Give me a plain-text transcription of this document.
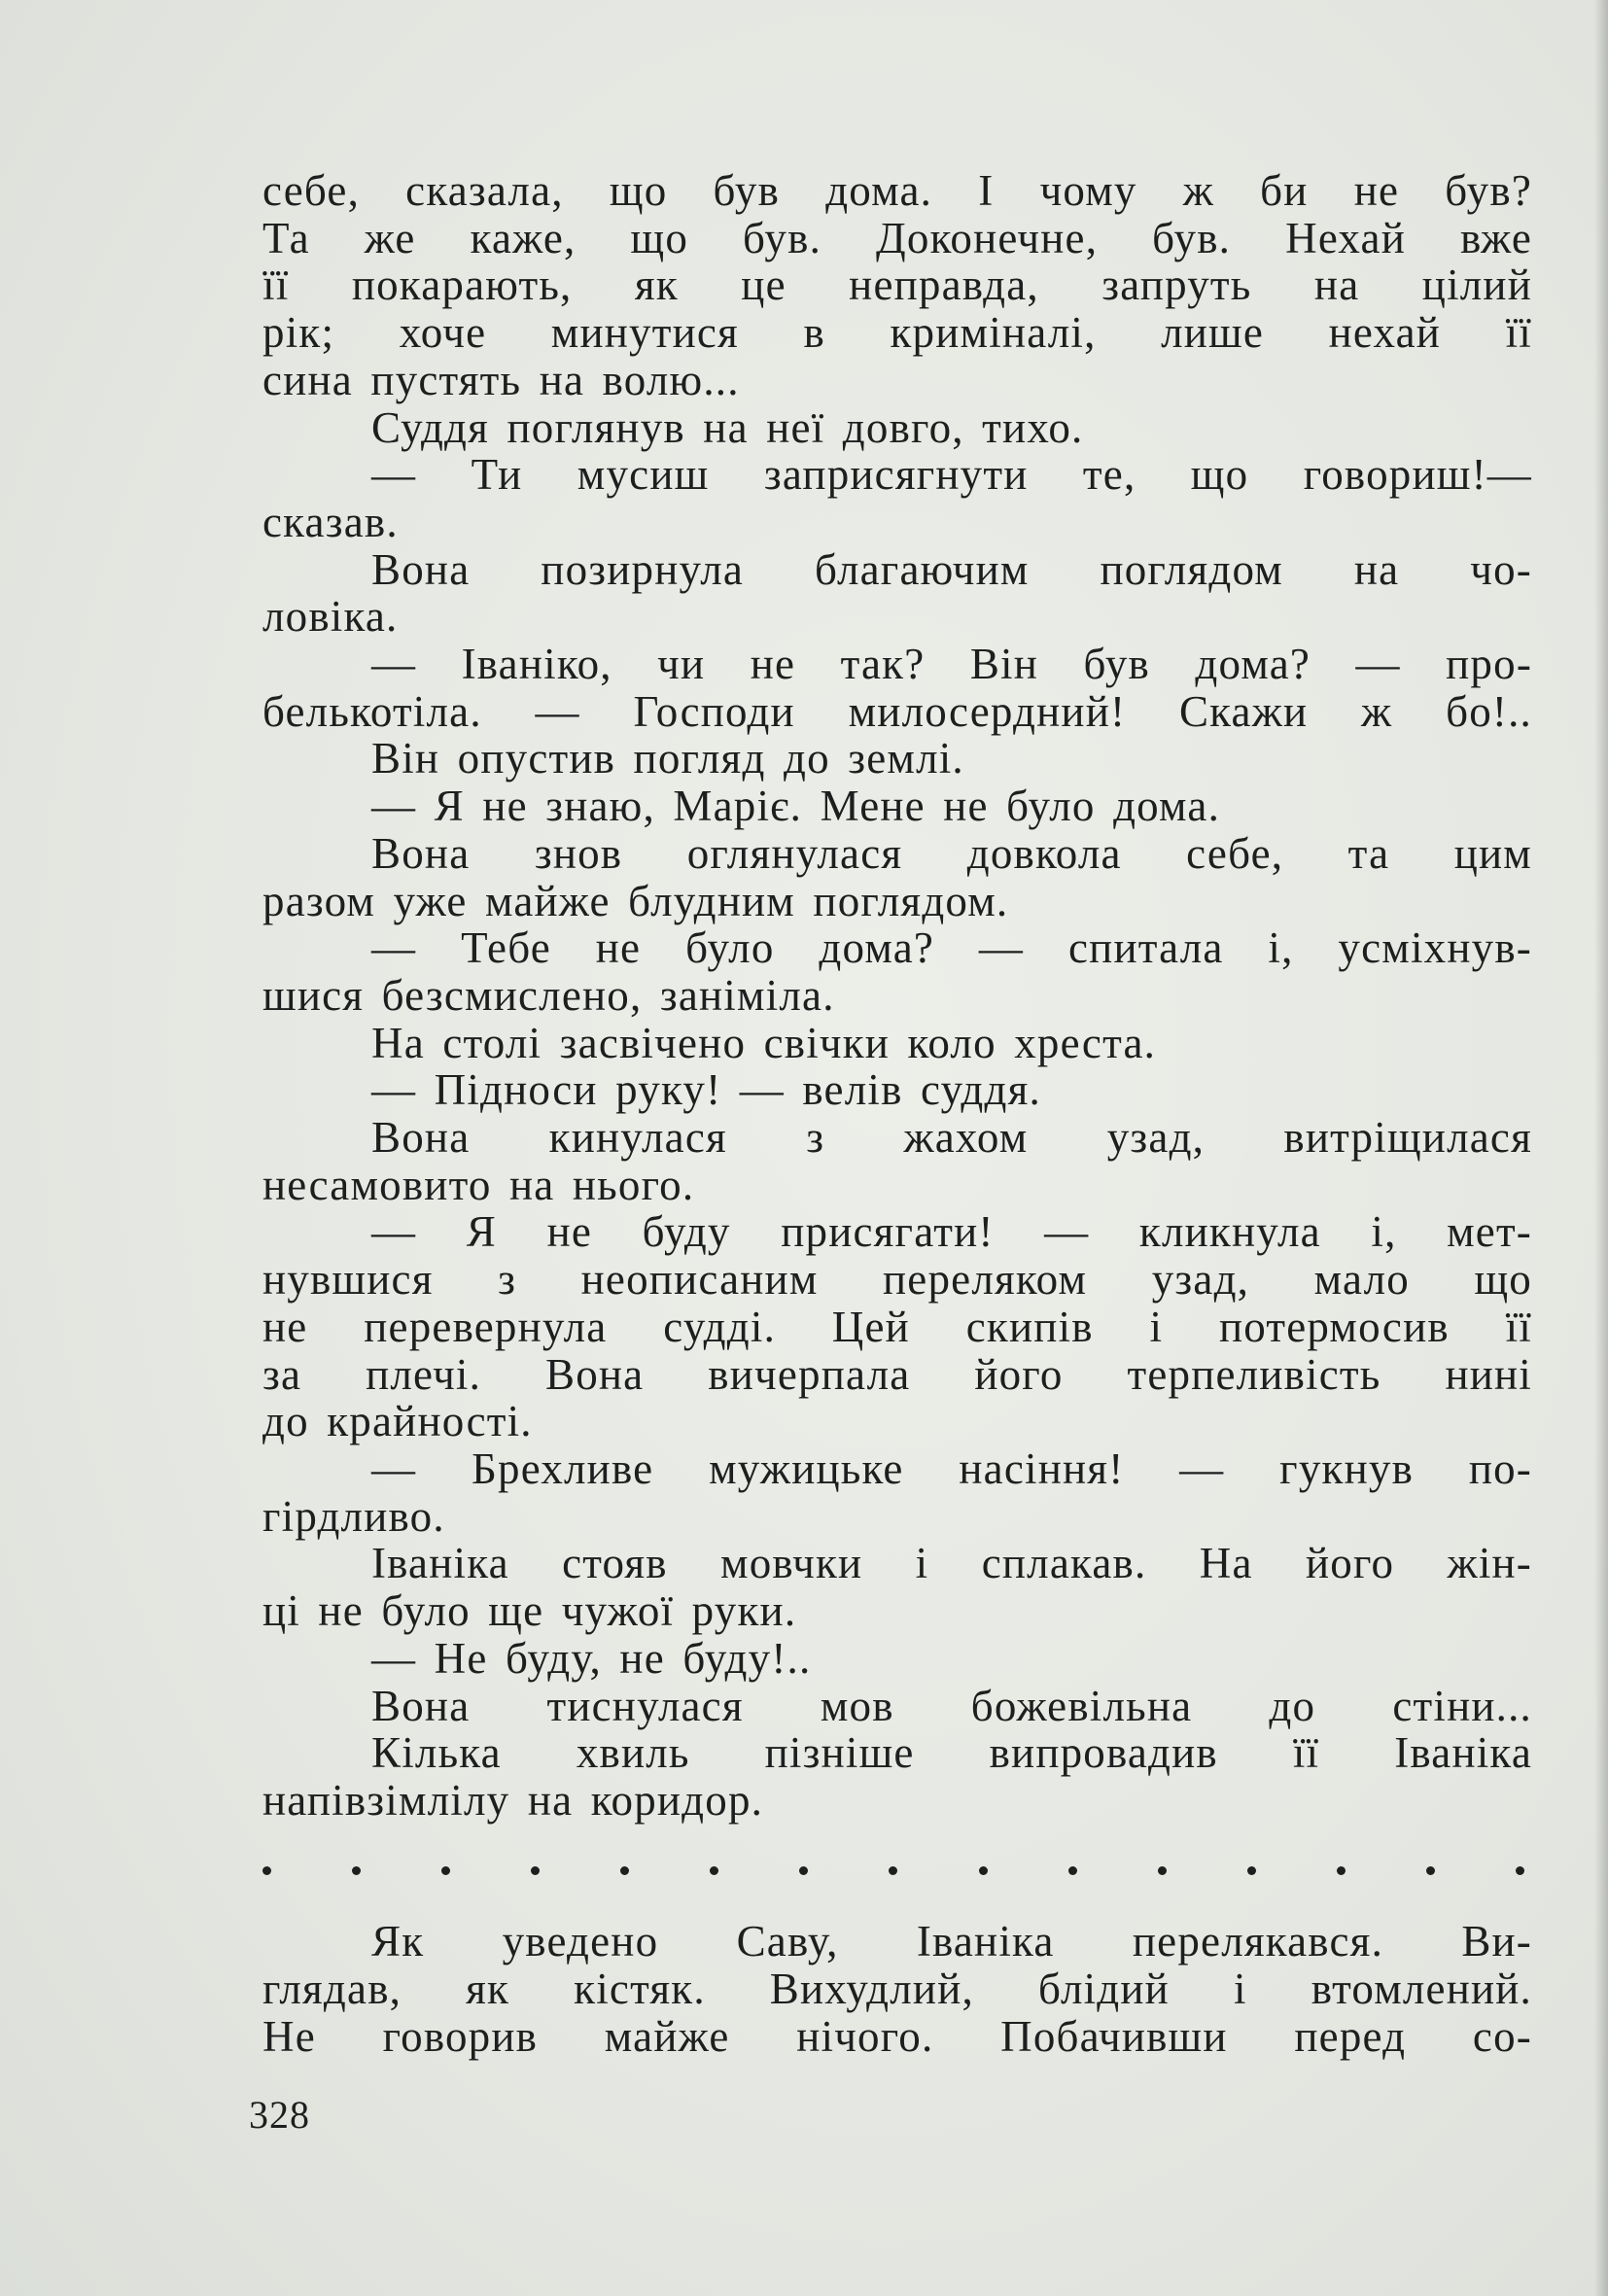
себе, сказала, що був дома. І чому ж би не був?
Та же каже, що був. Доконечне, був. Нехай вже
її покарають, як це неправда, запруть на цілий
рік; хоче минутися в криміналі, лише нехай її
сина пустять на волю...
Суддя поглянув на неї довго, тихо.
— Ти мусиш заприсягнути те, що говориш!—
сказав.
Вона позирнула благаючим поглядом на чо-
ловіка.
— Іваніко, чи не так? Він був дома? — про-
белькотіла. — Господи милосердний! Скажи ж бо!..
Він опустив погляд до землі.
— Я не знаю, Маріє. Мене не було дома.
Вона знов оглянулася довкола себе, та цим
разом уже майже блудним поглядом.
— Тебе не було дома? — спитала і, усміхнув-
шися безсмислено, заніміла.
На столі засвічено свічки коло хреста.
— Підноси руку! — велів суддя.
Вона кинулася з жахом узад, витріщилася
несамовито на нього.
— Я не буду присягати! — кликнула і, мет-
нувшися з неописаним переляком узад, мало що
не перевернула судді. Цей скипів і потермосив її
за плечі. Вона вичерпала його терпеливість нині
до крайності.
— Брехливе мужицьке насіння! — гукнув по-
гірдливо.
Іваніка стояв мовчки і сплакав. На його жін-
ці не було ще чужої руки.
— Не буду, не буду!..
Вона тиснулася мов божевільна до стіни...
Кілька хвиль пізніше випровадив її Іваніка
напівзімлілу на коридор.
Як уведено Саву, Іваніка перелякався. Ви-
глядав, як кістяк. Вихудлий, блідий і втомлений.
Не говорив майже нічого. Побачивши перед со-
328
